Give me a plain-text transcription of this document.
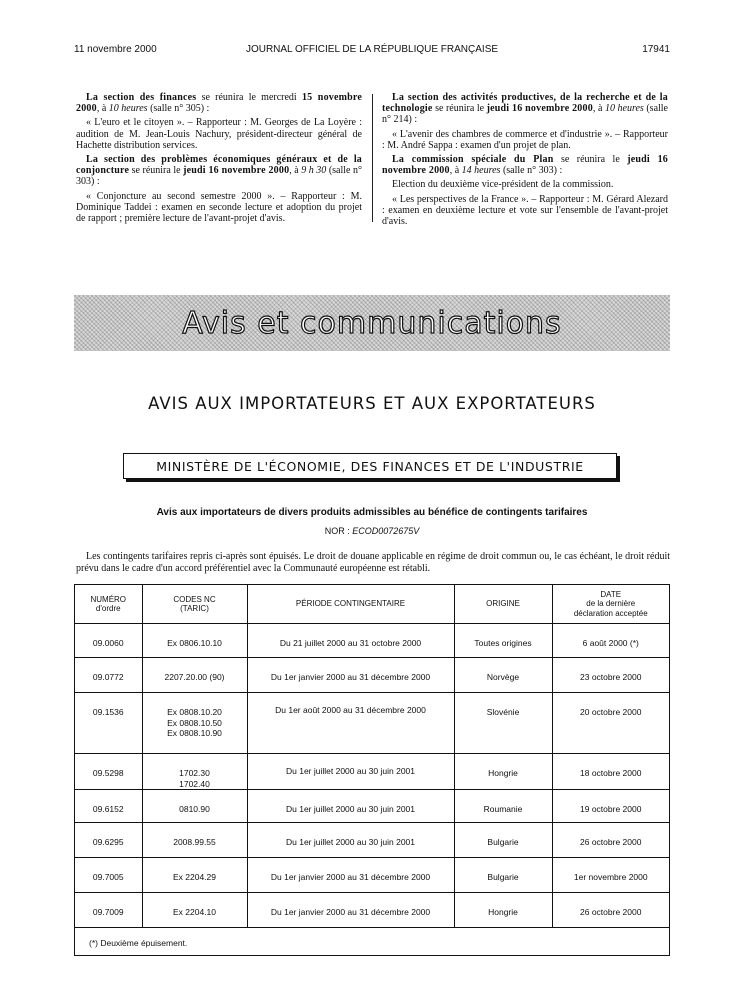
11 novembre 2000	JOURNAL OFFICIEL DE LA RÉPUBLIQUE FRANÇAISE	17941

La section des finances se réunira le mercredi 15 novembre 2000, à 10 heures (salle n° 305) :

« L'euro et le citoyen ». – Rapporteur : M. Georges de La Loyère : audition de M. Jean-Louis Nachury, président-directeur général de Hachette distribution services.

La section des problèmes économiques généraux et de la conjoncture se réunira le jeudi 16 novembre 2000, à 9 h 30 (salle n° 303) :

« Conjoncture au second semestre 2000 ». – Rapporteur : M. Dominique Taddei : examen en seconde lecture et adoption du projet de rapport ; première lecture de l'avant-projet d'avis.

La section des activités productives, de la recherche et de la technologie se réunira le jeudi 16 novembre 2000, à 10 heures (salle n° 214) :

« L'avenir des chambres de commerce et d'industrie ». – Rapporteur : M. André Sappa : examen d'un projet de plan.

La commission spéciale du Plan se réunira le jeudi 16 novembre 2000, à 14 heures (salle n° 303) :

Election du deuxième vice-président de la commission.

« Les perspectives de la France ». – Rapporteur : M. Gérard Alezard : examen en deuxième lecture et vote sur l'ensemble de l'avant-projet d'avis.

Avis et communications
AVIS AUX IMPORTATEURS ET AUX EXPORTATEURS
MINISTÈRE DE L'ÉCONOMIE, DES FINANCES ET DE L'INDUSTRIE
Avis aux importateurs de divers produits admissibles au bénéfice de contingents tarifaires
NOR : ECOD0072675V
Les contingents tarifaires repris ci-après sont épuisés. Le droit de douane applicable en régime de droit commun ou, le cas échéant, le droit réduit prévu dans le cadre d'un accord préférentiel avec la Communauté européenne est rétabli.
NUMÉRO
d'ordre	CODES NC
(TARIC)	PÉRIODE CONTINGENTAIRE	ORIGINE	DATE
de la dernière
déclaration acceptée

09.0060	Ex 0806.10.10	Du 21 juillet 2000 au 31 octobre 2000	Toutes origines	6 août 2000 (*)
09.0772	2207.20.00 (90)	Du 1er janvier 2000 au 31 décembre 2000	Norvège	23 octobre 2000
09.1536	Ex 0808.10.20
Ex 0808.10.50
Ex 0808.10.90	Du 1er août 2000 au 31 décembre 2000	Slovénie	20 octobre 2000
09.5298	1702.30
1702.40	Du 1er juillet 2000 au 30 juin 2001	Hongrie	18 octobre 2000
09.6152	0810.90	Du 1er juillet 2000 au 30 juin 2001	Roumanie	19 octobre 2000
09.6295	2008.99.55	Du 1er juillet 2000 au 30 juin 2001	Bulgarie	26 octobre 2000
09.7005	Ex 2204.29	Du 1er janvier 2000 au 31 décembre 2000	Bulgarie	1er novembre 2000
09.7009	Ex 2204.10	Du 1er janvier 2000 au 31 décembre 2000	Hongrie	26 octobre 2000
(*) Deuxième épuisement.
